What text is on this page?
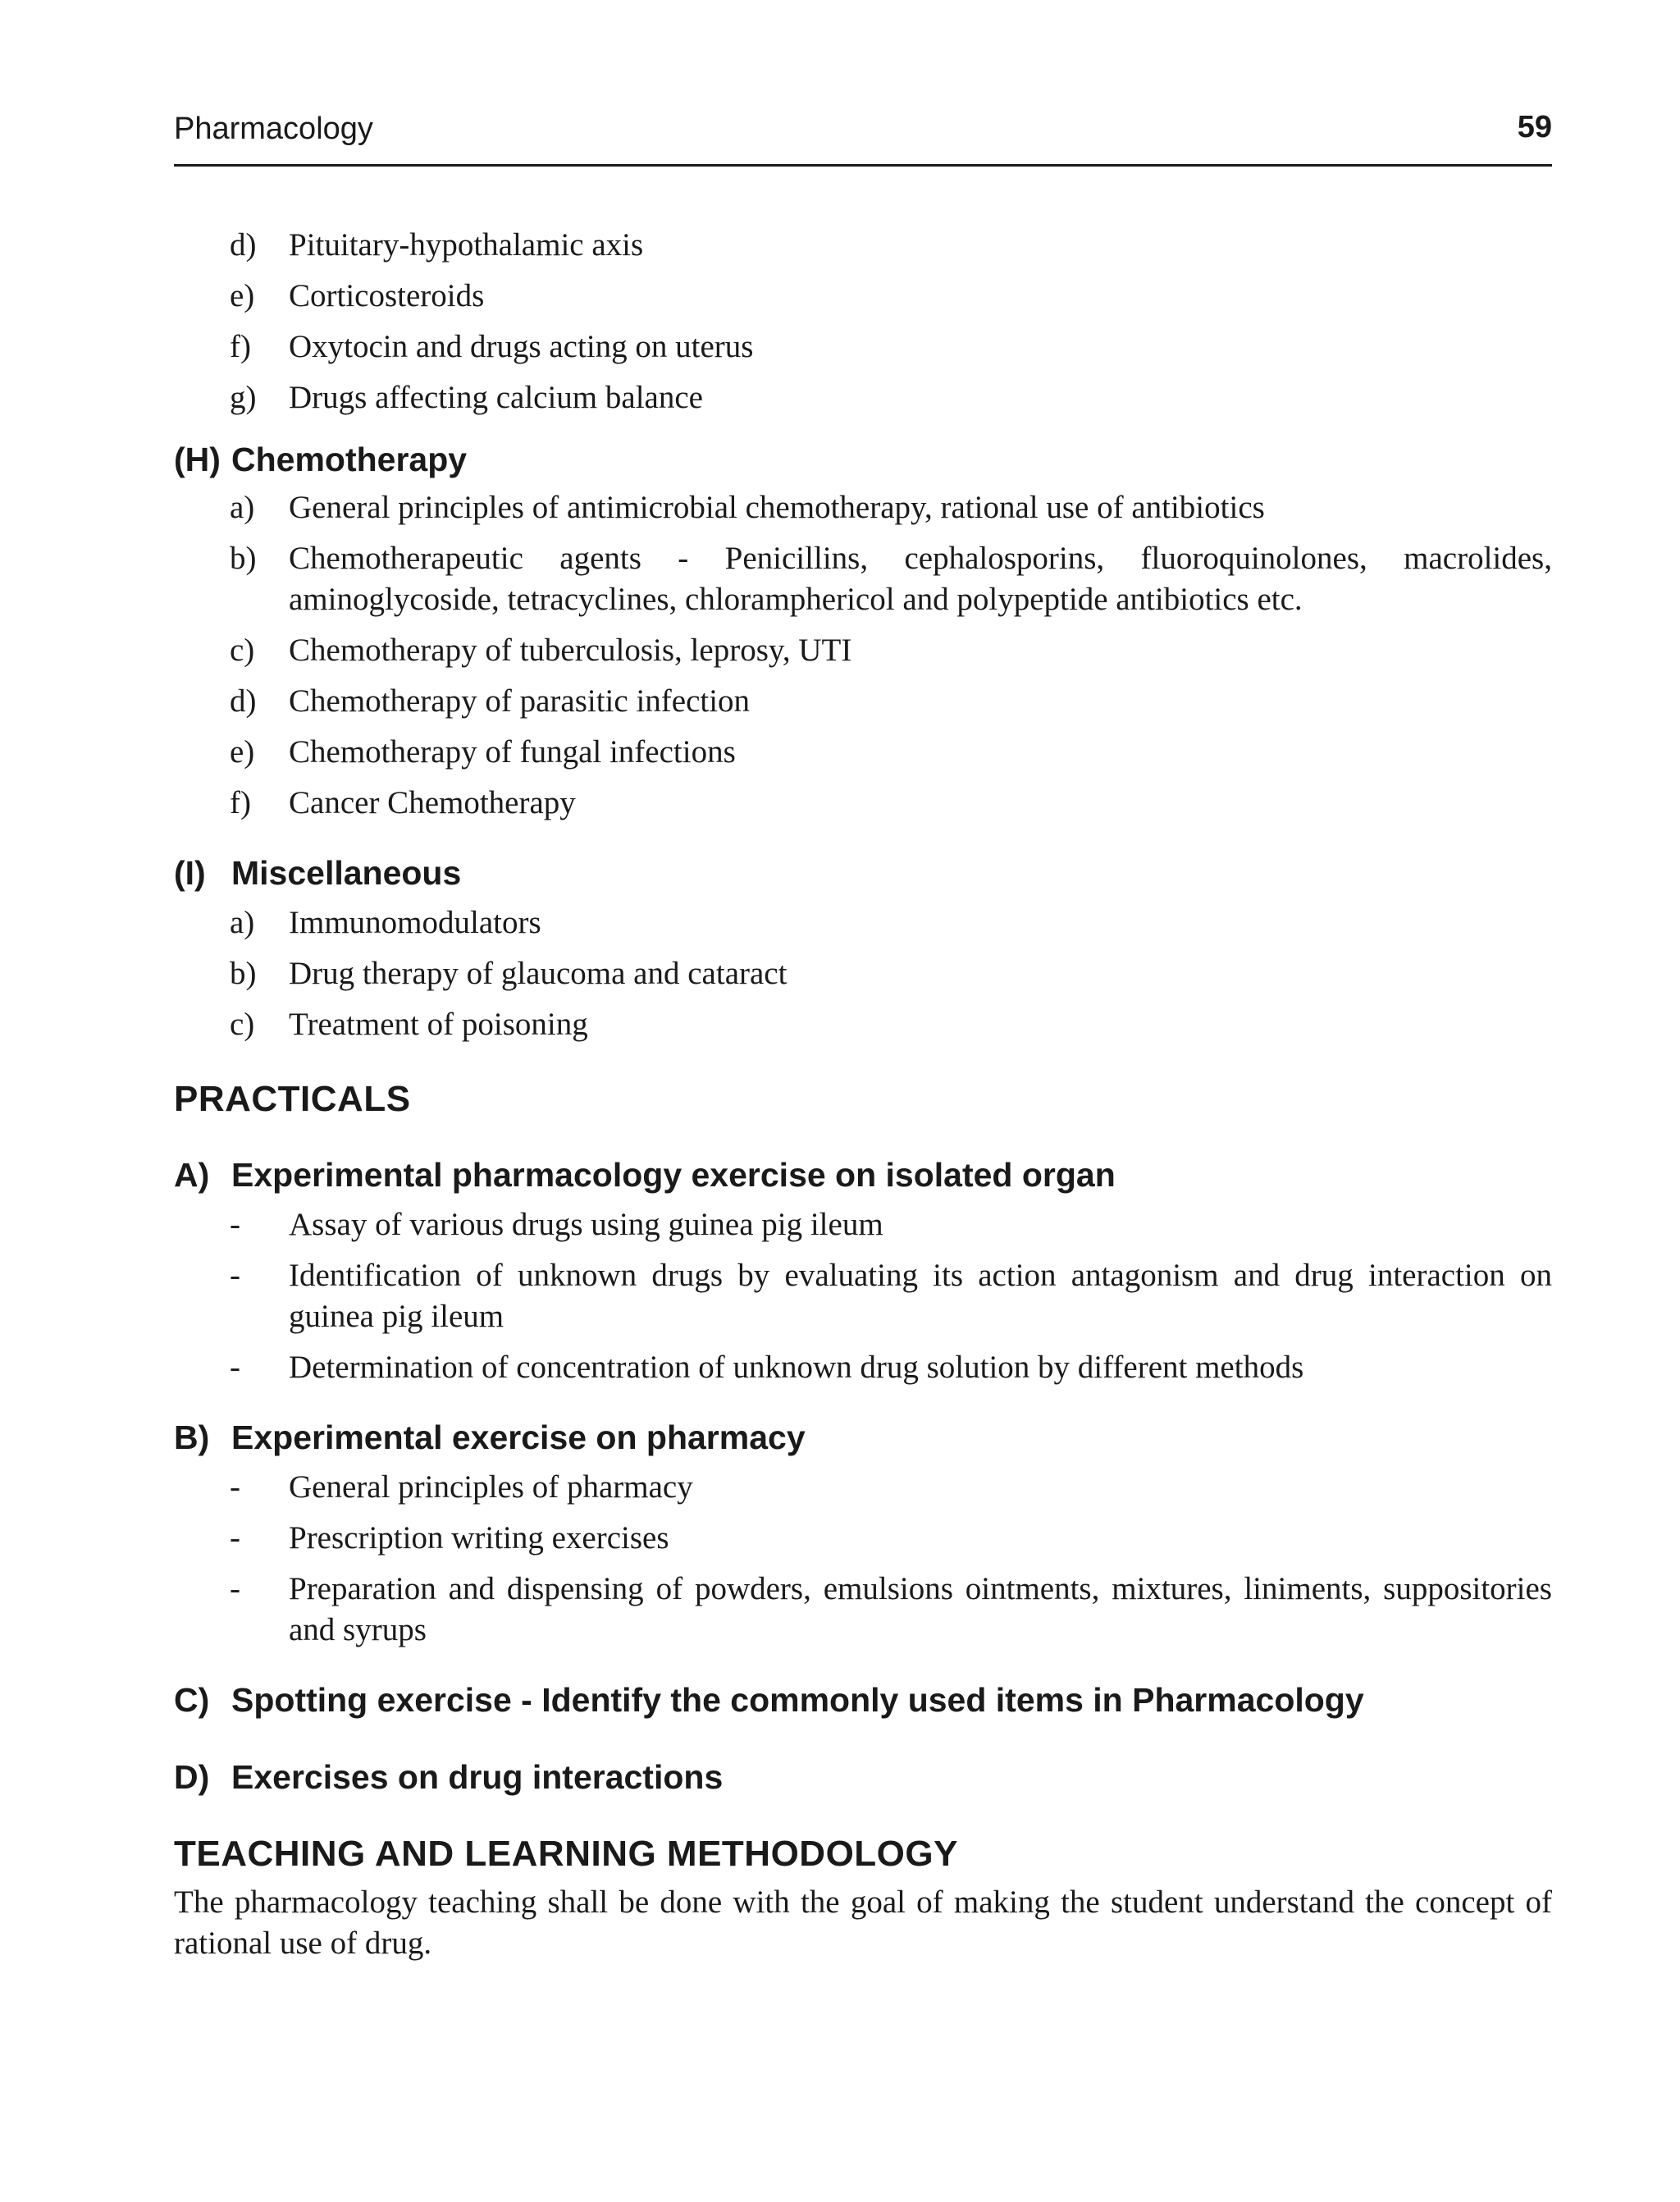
Pharmacology	59

d)	Pituitary-hypothalamic axis

e)	Corticosteroids

f)	Oxytocin and drugs acting on uterus

g)	Drugs affecting calcium balance

(H) Chemotherapy

a)	General principles of antimicrobial chemotherapy, rational use of antibiotics

b)	Chemotherapeutic agents - Penicillins, cephalosporins, fluoroquinolones, macrolides, aminoglycoside, tetracyclines, chloramphericol and polypeptide antibiotics etc.

c)	Chemotherapy of tuberculosis, leprosy, UTI

d)	Chemotherapy of parasitic infection

e)	Chemotherapy of fungal infections

f)	Cancer Chemotherapy

(I) Miscellaneous

a)	Immunomodulators

b)	Drug therapy of glaucoma and cataract

c)	Treatment of poisoning

PRACTICALS
A) Experimental pharmacology exercise on isolated organ

-	Assay of various drugs using guinea pig ileum

-	Identification of unknown drugs by evaluating its action antagonism and drug interaction on guinea pig ileum

-	Determination of concentration of unknown drug solution by different methods

B) Experimental exercise on pharmacy

-	General principles of pharmacy

-	Prescription writing exercises

-	Preparation and dispensing of powders, emulsions ointments, mixtures, liniments, suppositories and syrups

C) Spotting exercise - Identify the commonly used items in Pharmacology
D) Exercises on drug interactions
TEACHING AND LEARNING METHODOLOGY

The pharmacology teaching shall be done with the goal of making the student understand the concept of rational use of drug.
